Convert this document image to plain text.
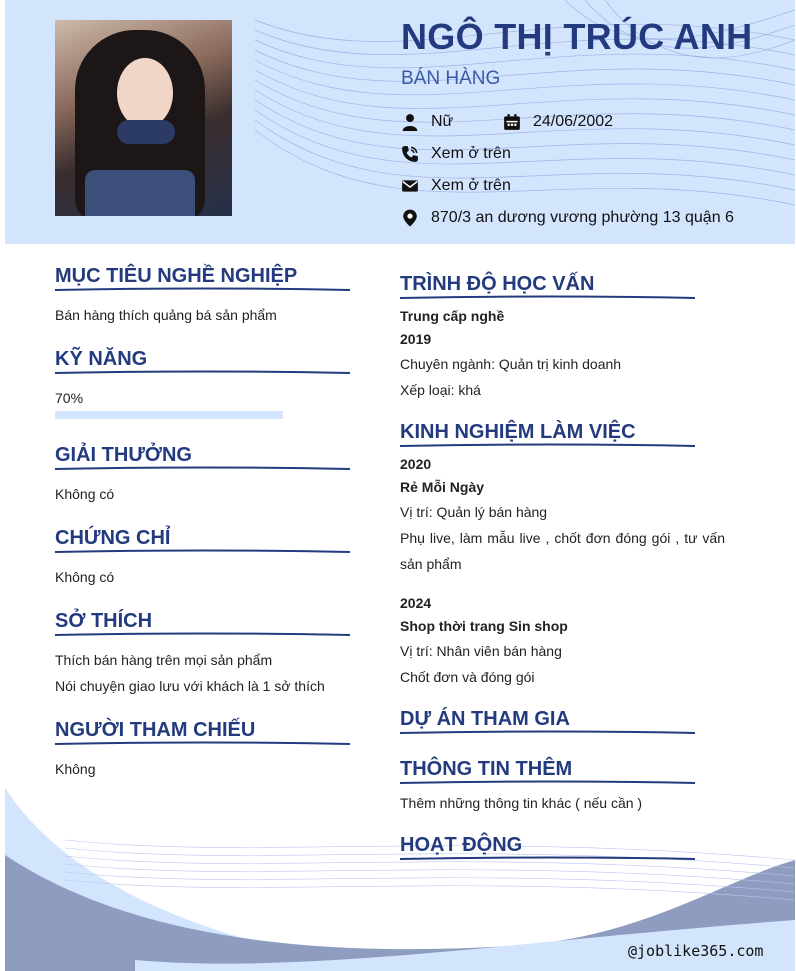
NGÔ THỊ TRÚC ANH
BÁN HÀNG
Nữ	24/06/2002
Xem ở trên
Xem ở trên
870/3 an dương vương phường 13 quận 6
MỤC TIÊU NGHỀ NGHIỆP
Bán hàng thích quảng bá sản phẩm
KỸ NĂNG
70%
GIẢI THƯỞNG
Không có
CHỨNG CHỈ
Không có
SỞ THÍCH
Thích bán hàng trên mọi sản phẩm
Nói chuyện giao lưu với khách là 1 sở thích
NGƯỜI THAM CHIẾU
Không
TRÌNH ĐỘ HỌC VẤN
Trung cấp nghề
2019
Chuyên ngành: Quản trị kinh doanh
Xếp loại: khá
KINH NGHIỆM LÀM VIỆC
2020
Rẻ Mỗi Ngày
Vị trí: Quản lý bán hàng
Phụ live, làm mẫu live , chốt đơn đóng gói , tư vấn sản phẩm
2024
Shop thời trang Sin shop
Vị trí: Nhân viên bán hàng
Chốt đơn và đóng gói
DỰ ÁN THAM GIA
THÔNG TIN THÊM
Thêm những thông tin khác ( nếu cần )
HOẠT ĐỘNG
@joblike365.com
